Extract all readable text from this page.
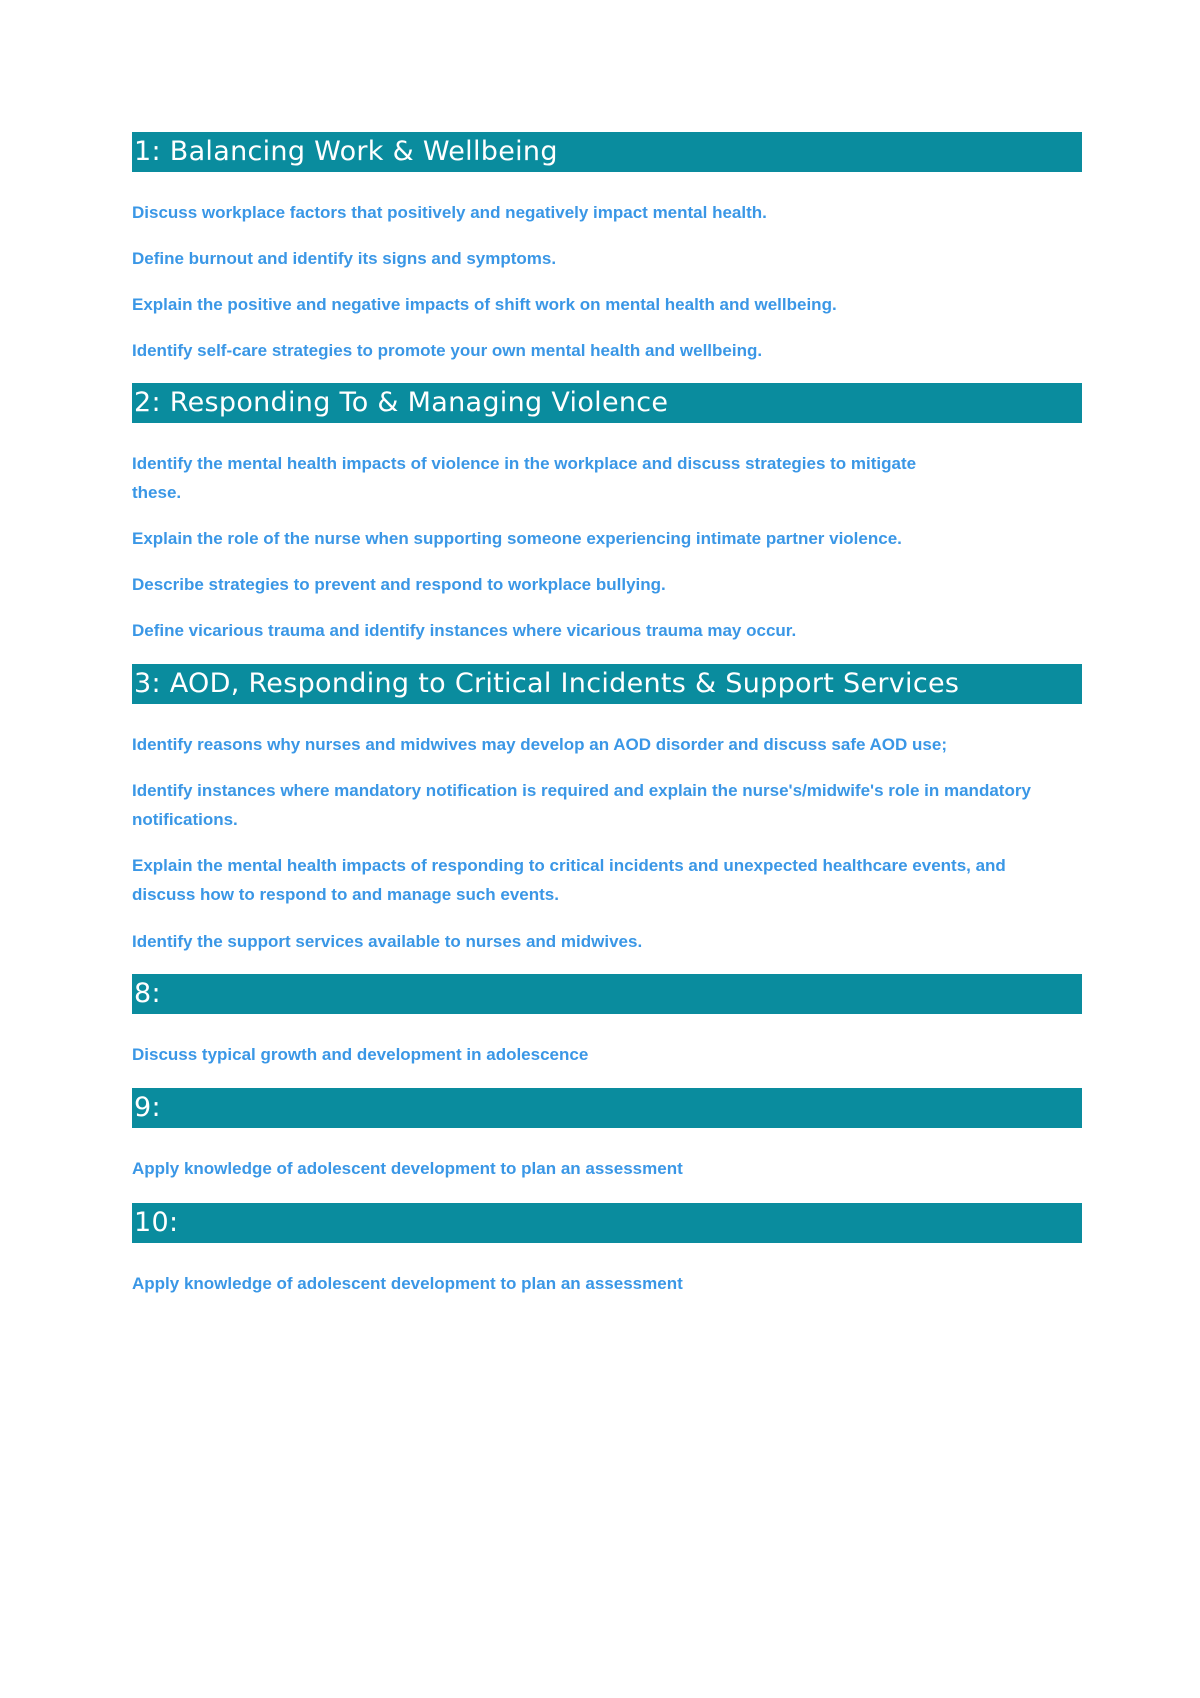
1: Balancing Work & Wellbeing
Discuss workplace factors that positively and negatively impact mental health.
Define burnout and identify its signs and symptoms.
Explain the positive and negative impacts of shift work on mental health and wellbeing.
Identify self-care strategies to promote your own mental health and wellbeing.
2: Responding To & Managing Violence
Identify the mental health impacts of violence in the workplace and discuss strategies to mitigate these.
Explain the role of the nurse when supporting someone experiencing intimate partner violence.
Describe strategies to prevent and respond to workplace bullying.
Define vicarious trauma and identify instances where vicarious trauma may occur.
3: AOD, Responding to Critical Incidents & Support Services
Identify reasons why nurses and midwives may develop an AOD disorder and discuss safe AOD use;
Identify instances where mandatory notification is required and explain the nurse's/midwife's role in mandatory notifications.
Explain the mental health impacts of responding to critical incidents and unexpected healthcare events, and discuss how to respond to and manage such events.
Identify the support services available to nurses and midwives.
8:
Discuss typical growth and development in adolescence
9:
Apply knowledge of adolescent development to plan an assessment
10:
Apply knowledge of adolescent development to plan an assessment
